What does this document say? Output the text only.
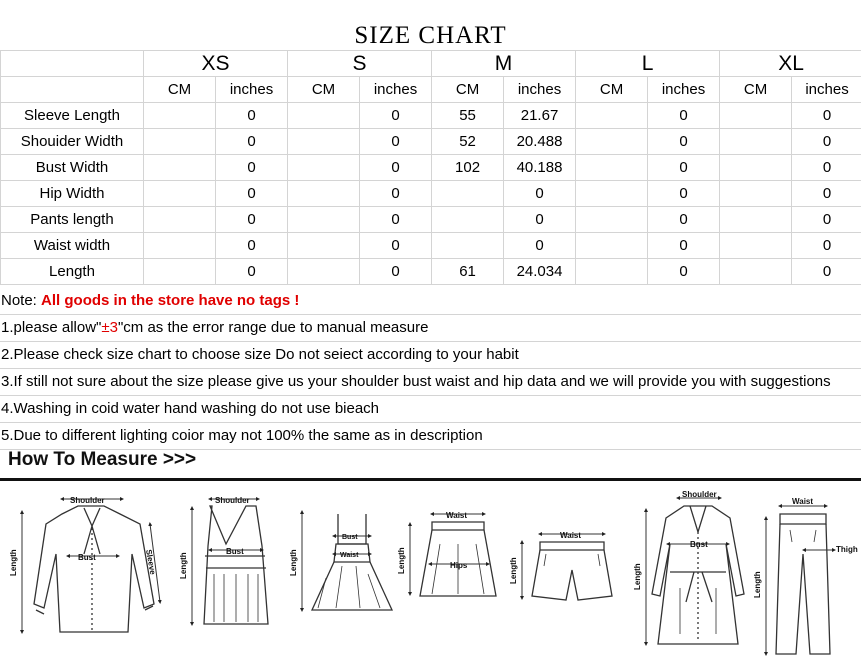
SIZE CHART
	XS		S		M		L		XL	
	CM	inches	CM	inches	CM	inches	CM	inches	CM	inches
Sleeve Length		0		0	55	21.67		0		0
Shouider Width		0		0	52	20.488		0		0
Bust Width		0		0	102	40.188		0		0
Hip Width		0		0		0		0		0
Pants length		0		0		0		0		0
Waist width		0		0		0		0		0
Length		0		0	61	24.034		0		0
Note: All goods in the store have no tags !
1.pleas‌e allow"±3"cm as the error range due to manual measure
2.Please check size chart to choose size Do not seiect according to your habit
3.If still not sure about the size please give us your shoulder bust waist and hip data and we will provide you with suggestions
4.Washing in coid water hand washing do not use bieach
5.Due to different lighting coior may not 100% the same as in description
How To Measure >>>
Shoulder
Bust
Length	Sleeve
Shoulder
Bust
Length
Bust
Waist
Length
Waist
Hips
Length
Waist
Length
Shoulder
Bust
Length
Waist
Thigh
Length
